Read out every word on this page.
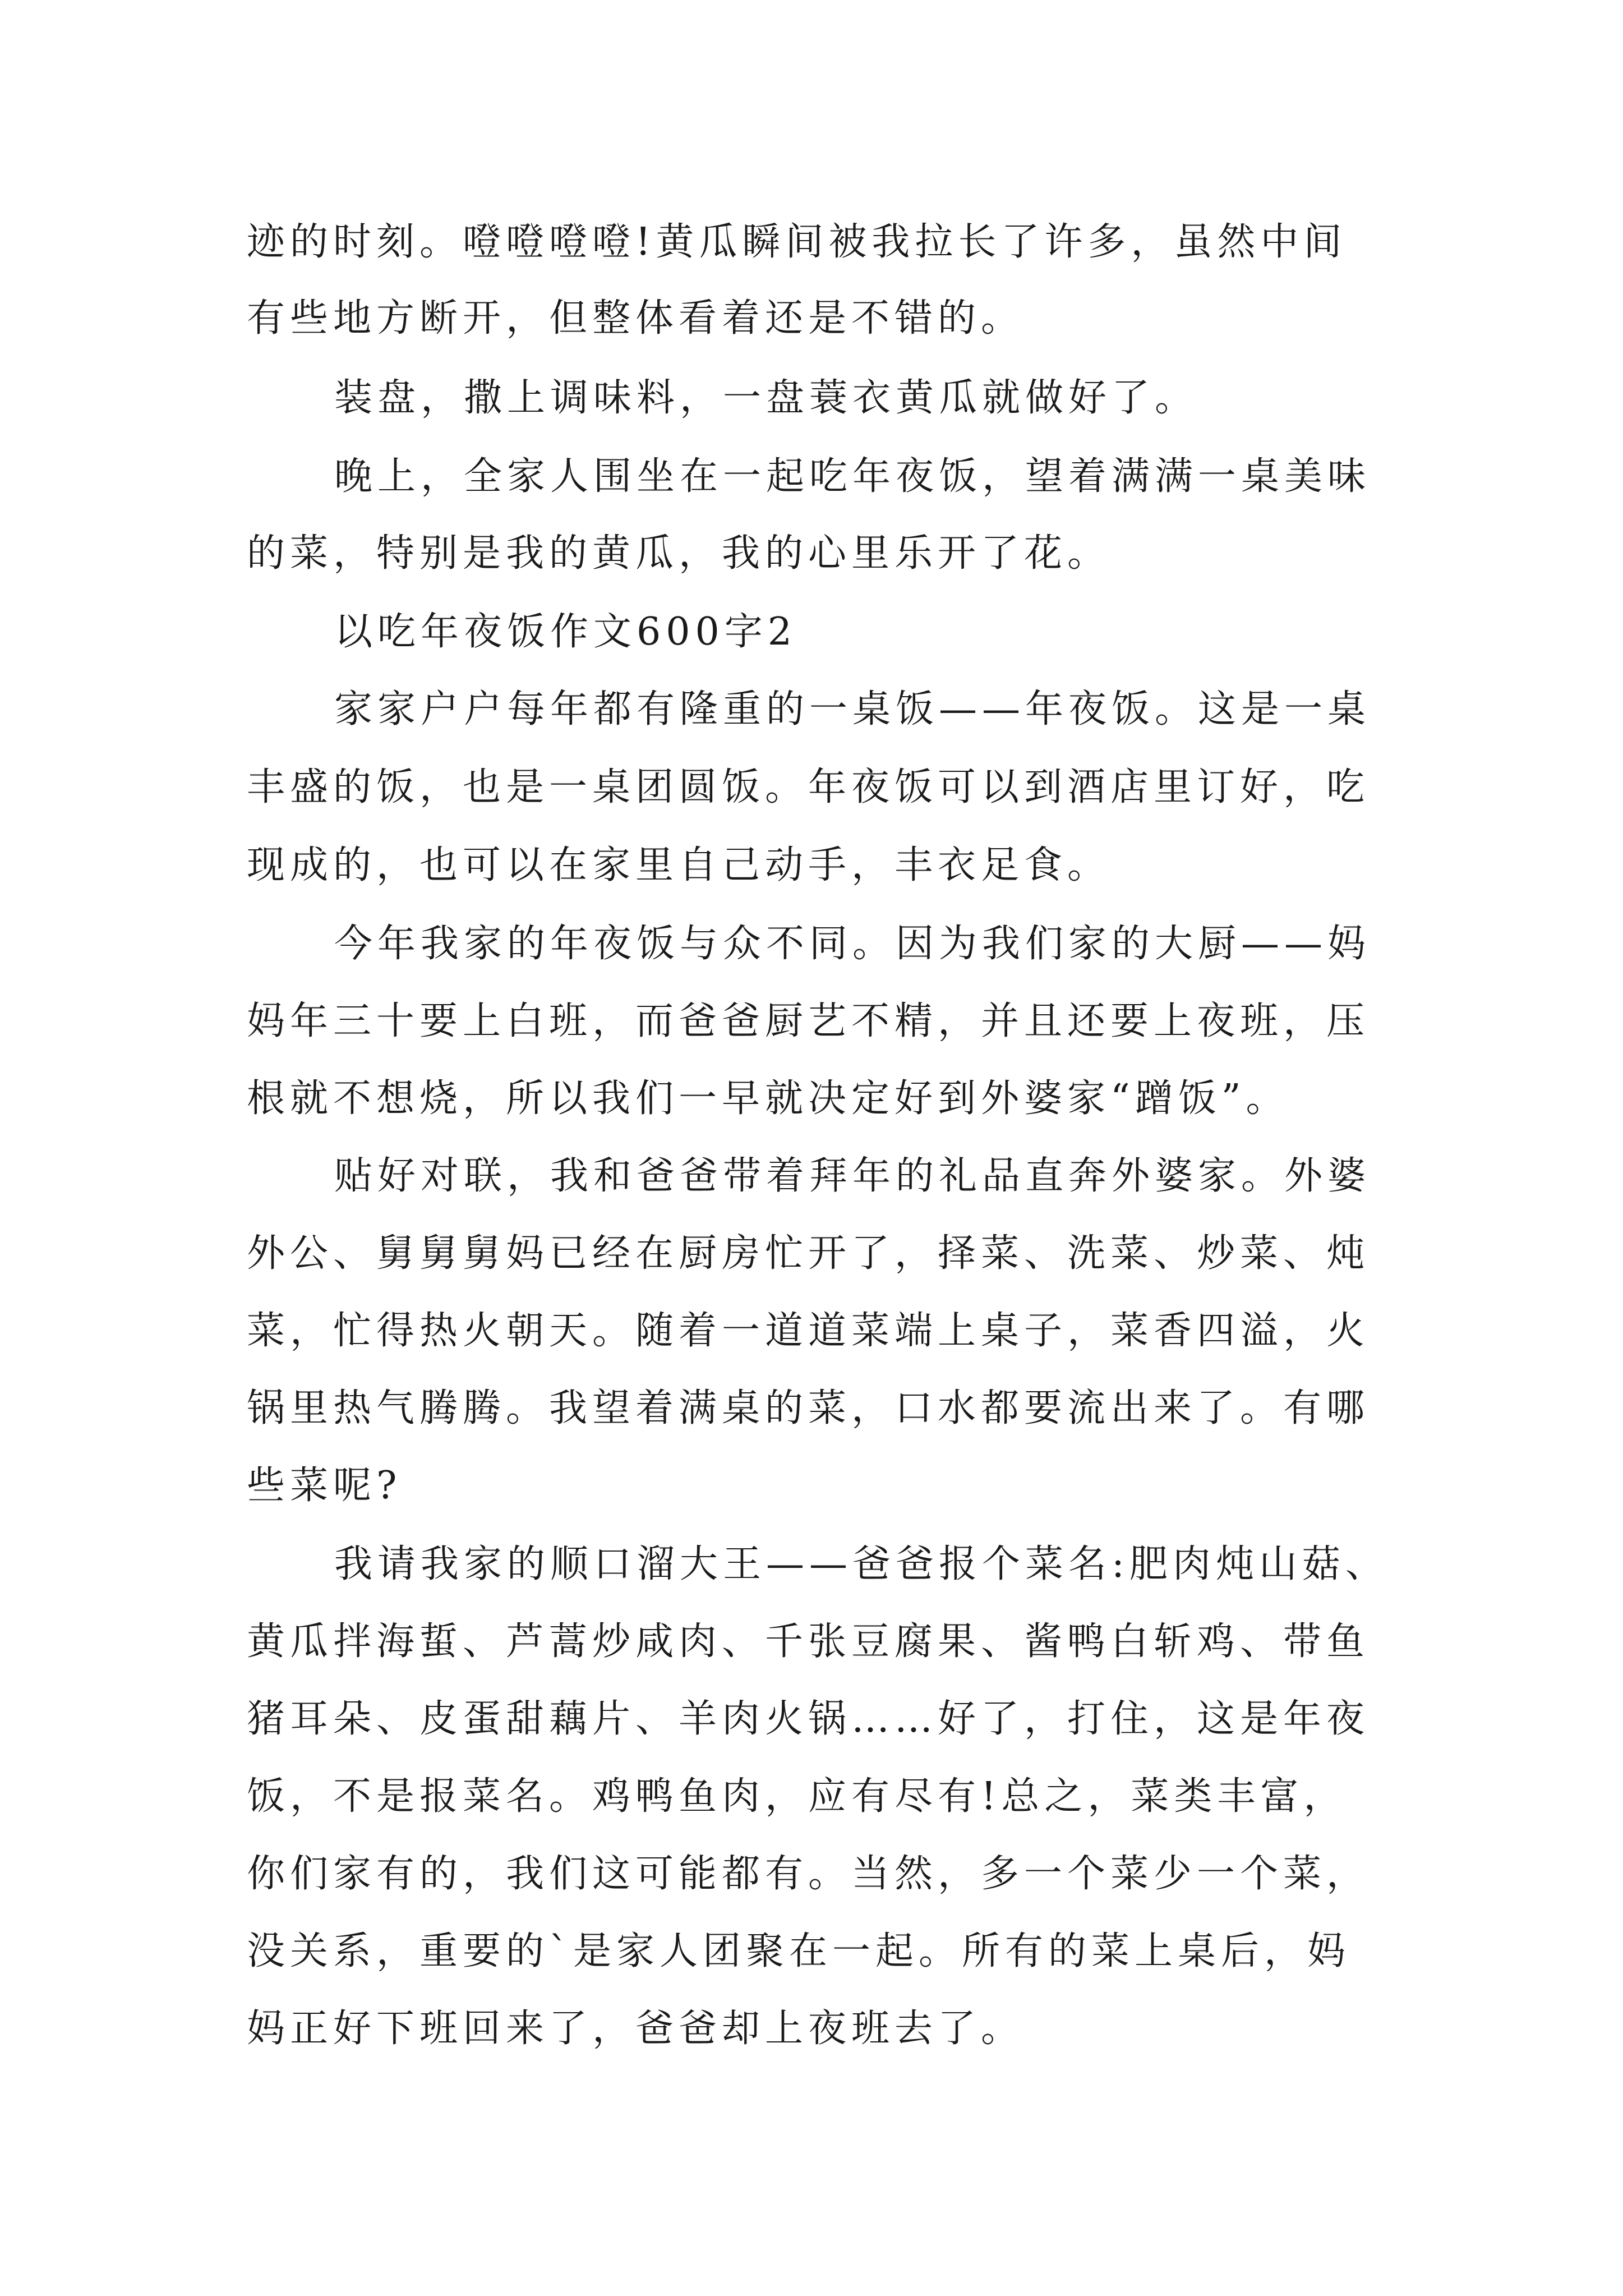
迹的时刻。噔噔噔噔!黄瓜瞬间被我拉长了许多，虽然中间

有些地方断开，但整体看着还是不错的。

装盘，撒上调味料，一盘蓑衣黄瓜就做好了。

晚上，全家人围坐在一起吃年夜饭，望着满满一桌美味

的菜，特别是我的黄瓜，我的心里乐开了花。

以吃年夜饭作文600字2

家家户户每年都有隆重的一桌饭——年夜饭。这是一桌

丰盛的饭，也是一桌团圆饭。年夜饭可以到酒店里订好，吃

现成的，也可以在家里自己动手，丰衣足食。

今年我家的年夜饭与众不同。因为我们家的大厨——妈

妈年三十要上白班，而爸爸厨艺不精，并且还要上夜班，压

根就不想烧，所以我们一早就决定好到外婆家“蹭饭”。

贴好对联，我和爸爸带着拜年的礼品直奔外婆家。外婆

外公、舅舅舅妈已经在厨房忙开了，择菜、洗菜、炒菜、炖

菜，忙得热火朝天。随着一道道菜端上桌子，菜香四溢，火

锅里热气腾腾。我望着满桌的菜，口水都要流出来了。有哪

些菜呢?

我请我家的顺口溜大王——爸爸报个菜名:肥肉炖山菇、

黄瓜拌海蜇、芦蒿炒咸肉、千张豆腐果、酱鸭白斩鸡、带鱼

猪耳朵、皮蛋甜藕片、羊肉火锅……好了，打住，这是年夜

饭，不是报菜名。鸡鸭鱼肉，应有尽有!总之，菜类丰富，

你们家有的，我们这可能都有。当然，多一个菜少一个菜，

没关系，重要的`是家人团聚在一起。所有的菜上桌后，妈

妈正好下班回来了，爸爸却上夜班去了。
